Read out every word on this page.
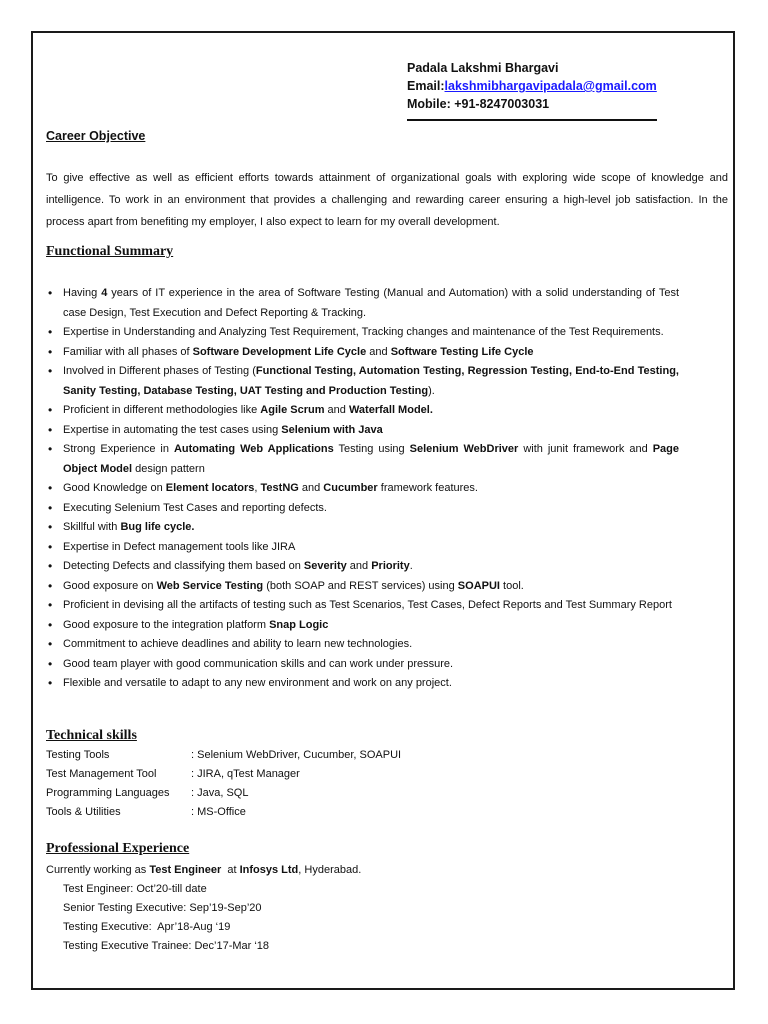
Padala Lakshmi Bhargavi
Email:lakshmibhargavipadala@gmail.com
Mobile: +91-8247003031
Career Objective
To give effective as well as efficient efforts towards attainment of organizational goals with exploring wide scope of knowledge and intelligence. To work in an environment that provides a challenging and rewarding career ensuring a high-level job satisfaction. In the process apart from benefiting my employer, I also expect to learn for my overall development.
Functional Summary
• Having 4 years of IT experience in the area of Software Testing (Manual and Automation) with a solid understanding of Test case Design, Test Execution and Defect Reporting & Tracking.
• Expertise in Understanding and Analyzing Test Requirement, Tracking changes and maintenance of the Test Requirements.
• Familiar with all phases of Software Development Life Cycle and Software Testing Life Cycle
• Involved in Different phases of Testing (Functional Testing, Automation Testing, Regression Testing, End-to-End Testing, Sanity Testing, Database Testing, UAT Testing and Production Testing).
• Proficient in different methodologies like Agile Scrum and Waterfall Model.
• Expertise in automating the test cases using Selenium with Java
• Strong Experience in Automating Web Applications Testing using Selenium WebDriver with junit framework and Page Object Model design pattern
• Good Knowledge on Element locators, TestNG and Cucumber framework features.
• Executing Selenium Test Cases and reporting defects.
• Skillful with Bug life cycle.
• Expertise in Defect management tools like JIRA
• Detecting Defects and classifying them based on Severity and Priority.
• Good exposure on Web Service Testing (both SOAP and REST services) using SOAPUI tool.
• Proficient in devising all the artifacts of testing such as Test Scenarios, Test Cases, Defect Reports and Test Summary Report
• Good exposure to the integration platform Snap Logic
• Commitment to achieve deadlines and ability to learn new technologies.
• Good team player with good communication skills and can work under pressure.
• Flexible and versatile to adapt to any new environment and work on any project.
Technical skills
Testing Tools	: Selenium WebDriver, Cucumber, SOAPUI
Test Management Tool	: JIRA, qTest Manager
Programming Languages	: Java, SQL
Tools & Utilities	: MS-Office
Professional Experience
Currently working as Test Engineer  at Infosys Ltd, Hyderabad.
Test Engineer: Oct’20-till date
Senior Testing Executive: Sep’19-Sep’20
Testing Executive:  Apr’18-Aug ‘19
Testing Executive Trainee: Dec’17-Mar ‘18
